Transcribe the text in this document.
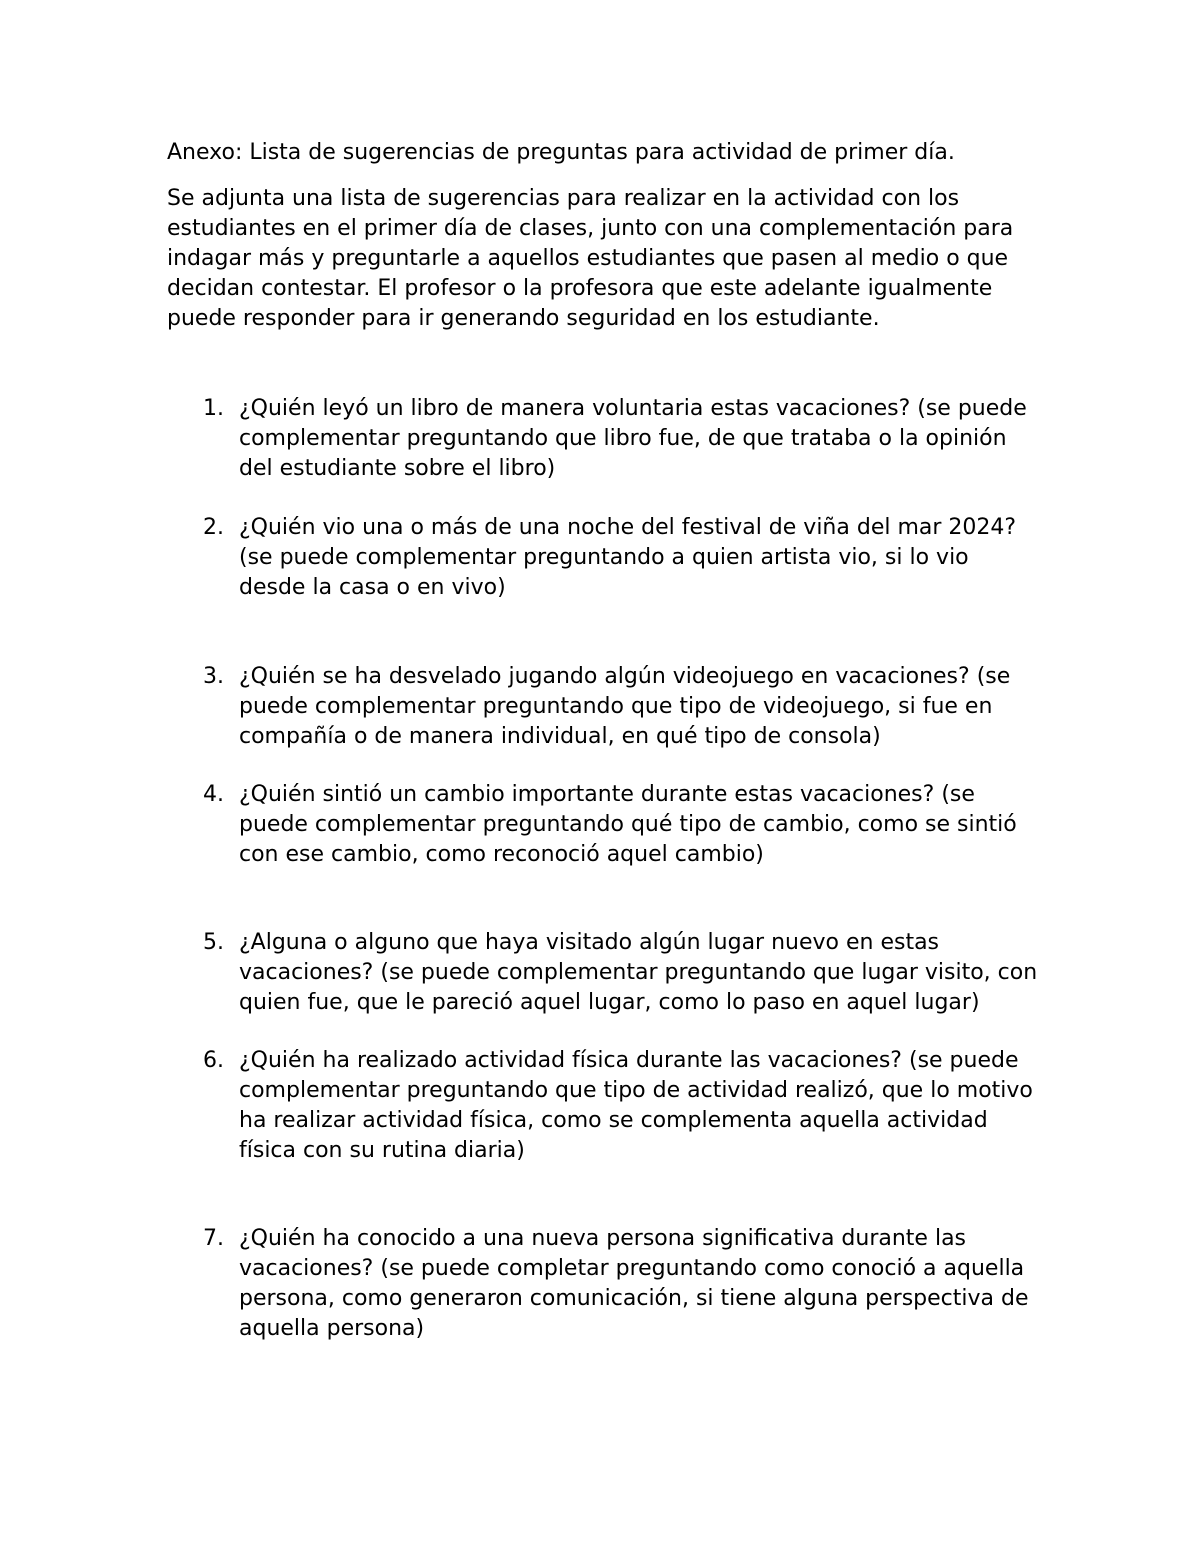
Anexo: Lista de sugerencias de preguntas para actividad de primer día.

Se adjunta una lista de sugerencias para realizar en la actividad con los estudiantes en el primer día de clases, junto con una complementación para indagar más y preguntarle a aquellos estudiantes que pasen al medio o que decidan contestar. El profesor o la profesora que este adelante igualmente puede responder para ir generando seguridad en los estudiante.

1. ¿Quién leyó un libro de manera voluntaria estas vacaciones? (se puede complementar preguntando que libro fue, de que trataba o la opinión del estudiante sobre el libro)
2. ¿Quién vio una o más de una noche del festival de viña del mar 2024? (se puede complementar preguntando a quien artista vio, si lo vio desde la casa o en vivo)
3. ¿Quién se ha desvelado jugando algún videojuego en vacaciones? (se puede complementar preguntando que tipo de videojuego, si fue en compañía o de manera individual, en qué tipo de consola)
4. ¿Quién sintió un cambio importante durante estas vacaciones? (se puede complementar preguntando qué tipo de cambio, como se sintió con ese cambio, como reconoció aquel cambio)
5. ¿Alguna o alguno que haya visitado algún lugar nuevo en estas vacaciones? (se puede complementar preguntando que lugar visito, con quien fue, que le pareció aquel lugar, como lo paso en aquel lugar)
6. ¿Quién ha realizado actividad física durante las vacaciones? (se puede complementar preguntando que tipo de actividad realizó, que lo motivo ha realizar actividad física, como se complementa aquella actividad física con su rutina diaria)
7. ¿Quién ha conocido a una nueva persona significativa durante las vacaciones? (se puede completar preguntando como conoció a aquella persona, como generaron comunicación, si tiene alguna perspectiva de aquella persona)
